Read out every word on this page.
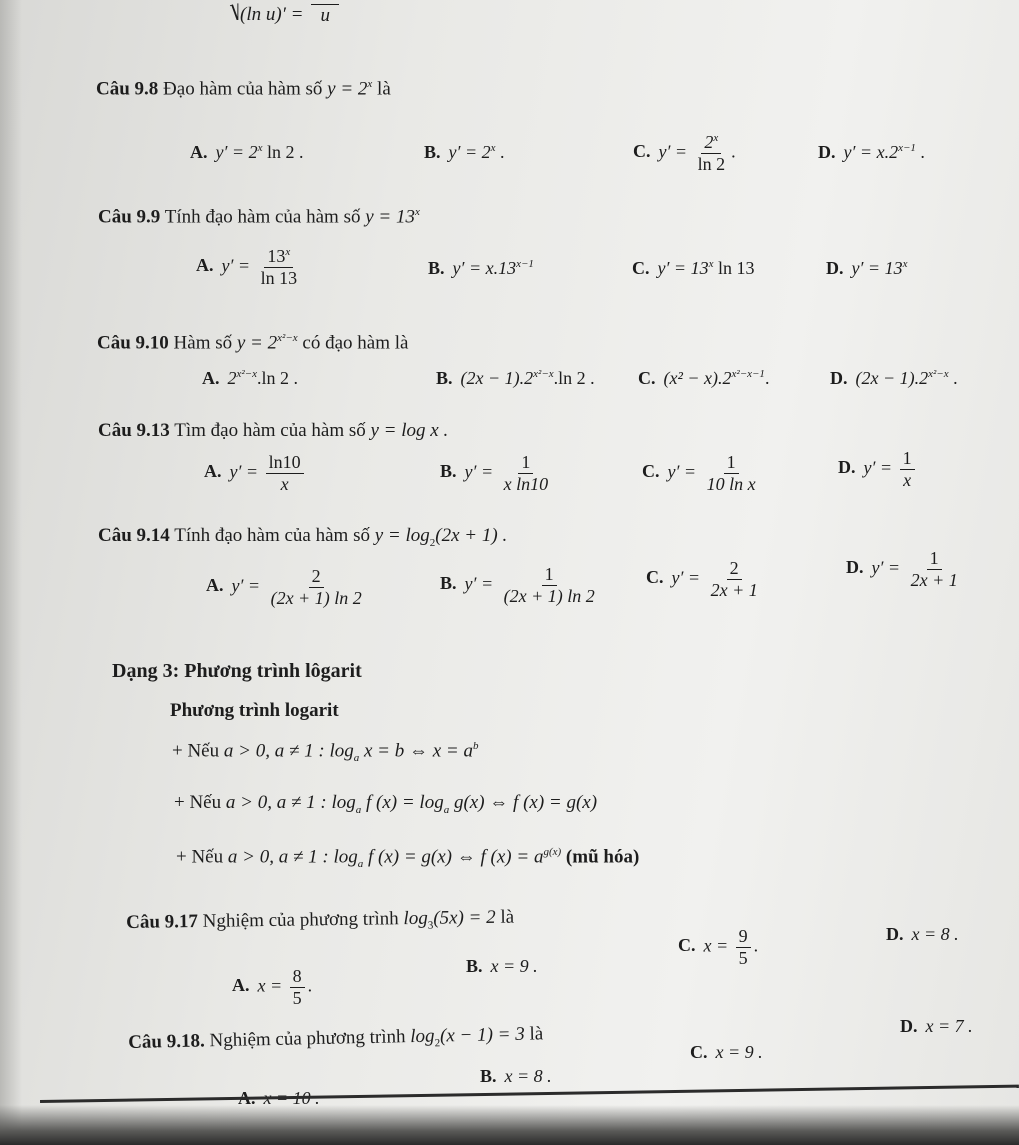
⎷(ln u)′ = u
Câu 9.8 Đạo hàm của hàm số $y = 2^x$ là
A. $y' = 2^x$ ln 2 .	B. $y' = 2^x$ .	C. $y' = \frac{2^x}{\ln 2}$ .	D. $y' = x.2^{x-1}$ .
Câu 9.9 Tính đạo hàm của hàm số $y = 13^x$
A. $y' = \frac{13^x}{\ln 13}$	B. $y' = x.13^{x-1}$	C. $y' = 13^x$ ln 13	D. $y' = 13^x$
Câu 9.10 Hàm số $y = 2^{x^2-x}$ có đạo hàm là
A. $2^{x^2-x}.\ln$ 2 .	B. $(2x - 1).2^{x^2-x}.\ln$ 2 . C. $(x^2 - x).2^{x^2-x-1}$.	D. $(2x - 1).2^{x^2-x}$ .
Câu 9.13 Tìm đạo hàm của hàm số y = log x .
A. $y' = \frac{\ln 10}{x}$	B. $y' = \frac{1}{\text{x ln10}}$	C. $y' = \frac{1}{\text{10 ln x}}$	D. $y' = \frac{1}{x}$
Câu 9.14 Tính đạo hàm của hàm số $y = \log_2(2x + 1)$ .
A. $y' = \frac{2}{(2x + 1) \ln 2}$	B. $y' = \frac{1}{(2x + 1) \ln 2}$	C. $y' = \frac{2}{2x + 1}$	D. $y' = \frac{1}{2x + 1}$
Dạng 3: Phương trình lôgarit
Phương trình logarit
+ Nếu a > 0, a ≠ 1 : $\log_a x = b$ ⇔ $x = a^b$
+ Nếu a > 0, a ≠ 1 : $\log_a f$ $(x) = \log_a g(x)$ ⇔ f (x) = g(x)
+ Nếu a > 0, a ≠ 1 : $\log_a f$ (x) = g(x) ⇔ f $(x) = a^{g(x)}$ (mũ hóa)
Câu 9.17 Nghiệm của phương trình $\log_3(5x) = 2$ là
A. $x = \frac{8}{5}$ .
B. x = 9 .
C. $x = \frac{9}{5}$ .
D. x = 8 .
Câu 9.18. Nghiệm của phương trình $\log_2(x - 1) = 3$ là
B. x = 8 .
C. x = 9 .
D. x = 7 .
